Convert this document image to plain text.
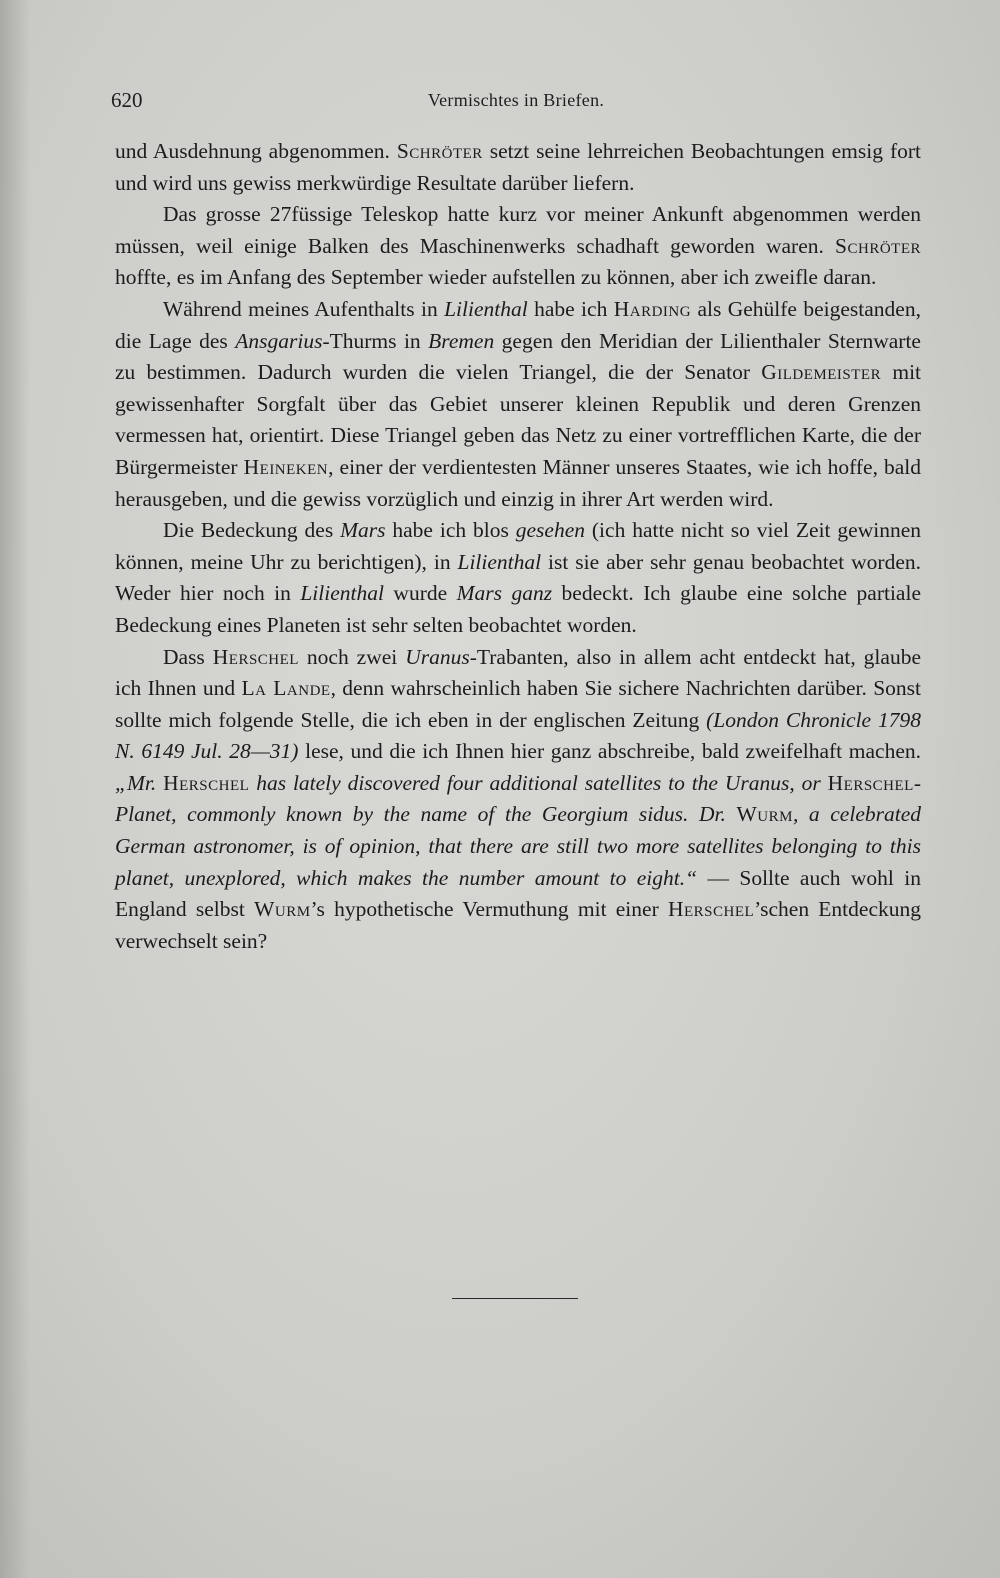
620	Vermischtes in Briefen.

und Ausdehnung abgenommen. Schröter setzt seine lehrreichen Beobachtungen emsig fort und wird uns gewiss merkwürdige Resultate darüber liefern.

Das grosse 27füssige Teleskop hatte kurz vor meiner Ankunft abgenommen werden müssen, weil einige Balken des Maschinenwerks schadhaft geworden waren. Schröter hoffte, es im Anfang des September wieder aufstellen zu können, aber ich zweifle daran.

Während meines Aufenthalts in Lilienthal habe ich Harding als Gehülfe beigestanden, die Lage des Ansgarius-Thurms in Bremen gegen den Meridian der Lilienthaler Sternwarte zu bestimmen. Dadurch wurden die vielen Triangel, die der Senator Gildemeister mit gewissenhafter Sorgfalt über das Gebiet unserer kleinen Republik und deren Grenzen vermessen hat, orientirt. Diese Triangel geben das Netz zu einer vortrefflichen Karte, die der Bürgermeister Heineken, einer der verdientesten Männer unseres Staates, wie ich hoffe, bald herausgeben, und die gewiss vorzüglich und einzig in ihrer Art werden wird.

Die Bedeckung des Mars habe ich blos gesehen (ich hatte nicht so viel Zeit gewinnen können, meine Uhr zu berichtigen), in Lilienthal ist sie aber sehr genau beobachtet worden. Weder hier noch in Lilienthal wurde Mars ganz bedeckt. Ich glaube eine solche partiale Bedeckung eines Planeten ist sehr selten beobachtet worden.

Dass Herschel noch zwei Uranus-Trabanten, also in allem acht entdeckt hat, glaube ich Ihnen und La Lande, denn wahrscheinlich haben Sie sichere Nachrichten darüber. Sonst sollte mich folgende Stelle, die ich eben in der englischen Zeitung (London Chronicle 1798 N. 6149 Jul. 28—31) lese, und die ich Ihnen hier ganz abschreibe, bald zweifelhaft machen. „Mr. Herschel has lately discovered four additional satellites to the Uranus, or Herschel-Planet, commonly known by the name of the Georgium sidus. Dr. Wurm, a celebrated German astronomer, is of opinion, that there are still two more satellites belonging to this planet, unexplored, which makes the number amount to eight.“ — Sollte auch wohl in England selbst Wurm’s hypothetische Vermuthung mit einer Herschel’schen Entdeckung verwechselt sein?
